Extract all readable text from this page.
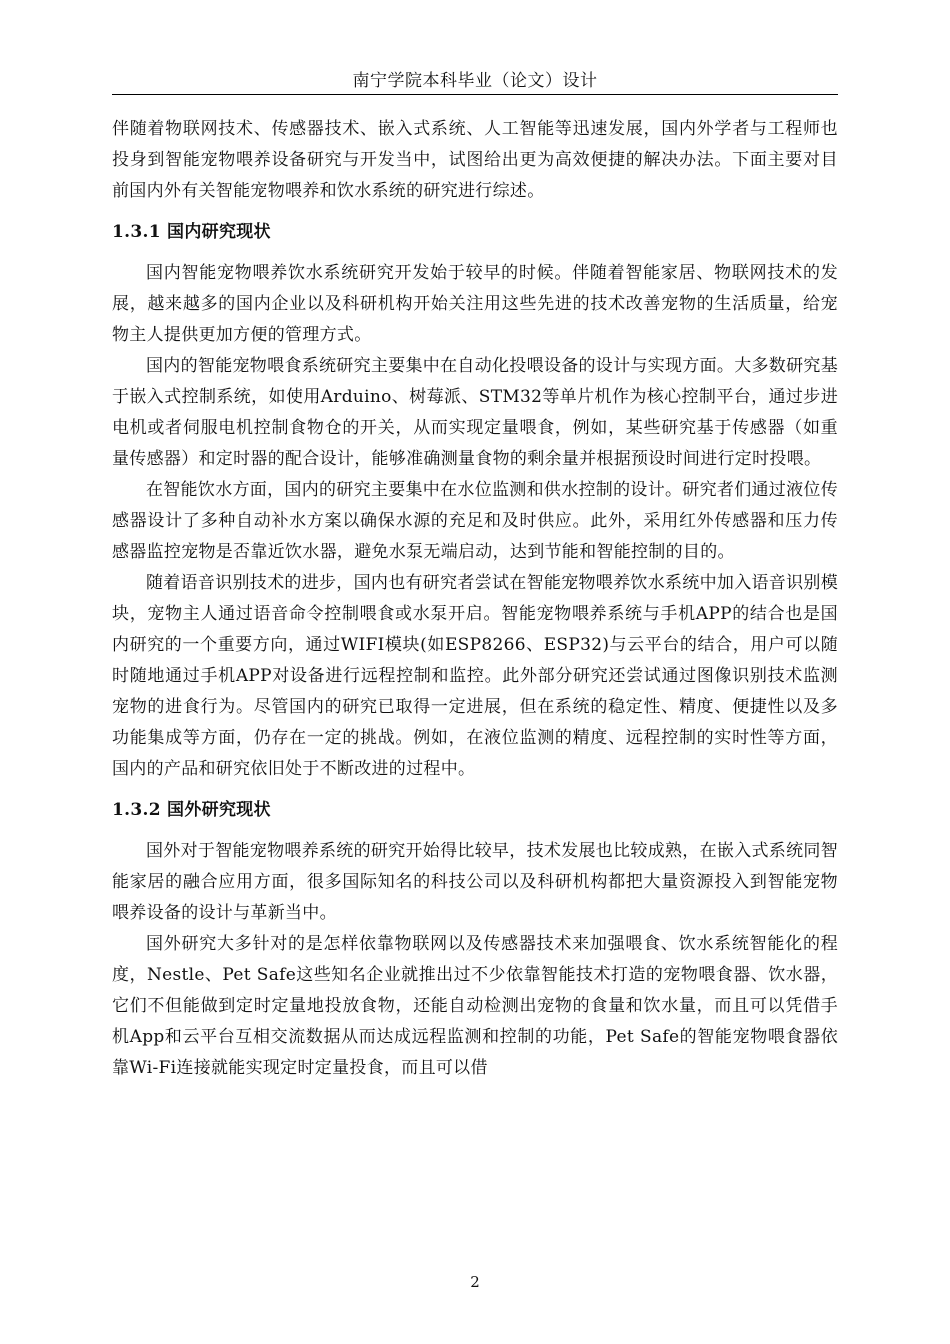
南宁学院本科毕业（论文）设计

伴随着物联网技术、传感器技术、嵌入式系统、人工智能等迅速发展，国内外学者与工程师也投身到智能宠物喂养设备研究与开发当中，试图给出更为高效便捷的解决办法。下面主要对目前国内外有关智能宠物喂养和饮水系统的研究进行综述。

1.3.1 国内研究现状

国内智能宠物喂养饮水系统研究开发始于较早的时候。伴随着智能家居、物联网技术的发展，越来越多的国内企业以及科研机构开始关注用这些先进的技术改善宠物的生活质量，给宠物主人提供更加方便的管理方式。

国内的智能宠物喂食系统研究主要集中在自动化投喂设备的设计与实现方面。大多数研究基于嵌入式控制系统，如使用Arduino、树莓派、STM32等单片机作为核心控制平台，通过步进电机或者伺服电机控制食物仓的开关，从而实现定量喂食，例如，某些研究基于传感器（如重量传感器）和定时器的配合设计，能够准确测量食物的剩余量并根据预设时间进行定时投喂。

在智能饮水方面，国内的研究主要集中在水位监测和供水控制的设计。研究者们通过液位传感器设计了多种自动补水方案以确保水源的充足和及时供应。此外，采用红外传感器和压力传感器监控宠物是否靠近饮水器，避免水泵无端启动，达到节能和智能控制的目的。

随着语音识别技术的进步，国内也有研究者尝试在智能宠物喂养饮水系统中加入语音识别模块，宠物主人通过语音命令控制喂食或水泵开启。智能宠物喂养系统与手机APP的结合也是国内研究的一个重要方向，通过WIFI模块(如ESP8266、ESP32)与云平台的结合，用户可以随时随地通过手机APP对设备进行远程控制和监控。此外部分研究还尝试通过图像识别技术监测宠物的进食行为。尽管国内的研究已取得一定进展，但在系统的稳定性、精度、便捷性以及多功能集成等方面，仍存在一定的挑战。例如，在液位监测的精度、远程控制的实时性等方面，国内的产品和研究依旧处于不断改进的过程中。

1.3.2 国外研究现状

国外对于智能宠物喂养系统的研究开始得比较早，技术发展也比较成熟，在嵌入式系统同智能家居的融合应用方面，很多国际知名的科技公司以及科研机构都把大量资源投入到智能宠物喂养设备的设计与革新当中。

国外研究大多针对的是怎样依靠物联网以及传感器技术来加强喂食、饮水系统智能化的程度，Nestle、Pet Safe这些知名企业就推出过不少依靠智能技术打造的宠物喂食器、饮水器，它们不但能做到定时定量地投放食物，还能自动检测出宠物的食量和饮水量，而且可以凭借手机App和云平台互相交流数据从而达成远程监测和控制的功能，Pet Safe的智能宠物喂食器依靠Wi-Fi连接就能实现定时定量投食，而且可以借

2
